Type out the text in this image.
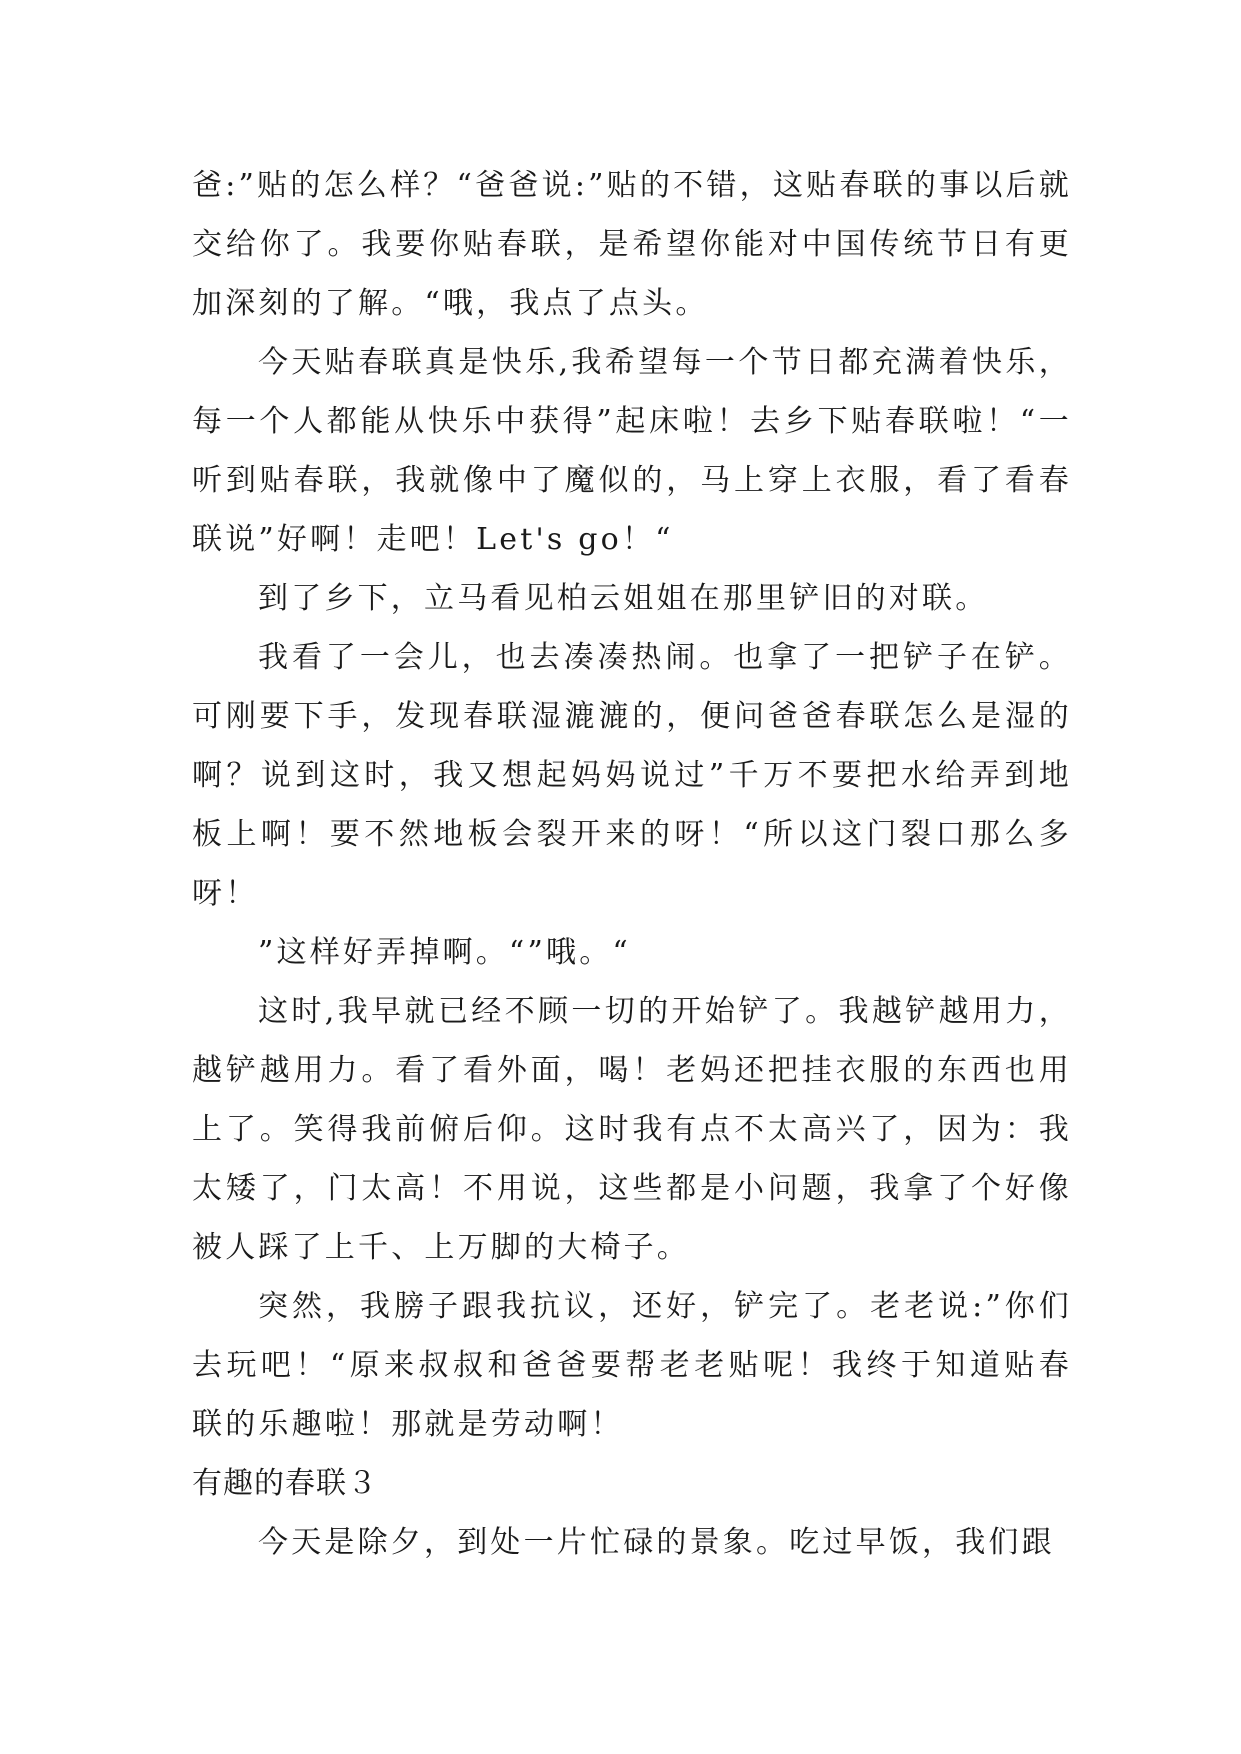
爸:”贴的怎么样？“爸爸说:”贴的不错，这贴春联的事以后就交给你了。我要你贴春联，是希望你能对中国传统节日有更加深刻的了解。“哦，我点了点头。

今天贴春联真是快乐,我希望每一个节日都充满着快乐，每一个人都能从快乐中获得”起床啦！去乡下贴春联啦！“一听到贴春联，我就像中了魔似的，马上穿上衣服，看了看春联说”好啊！走吧！Let's go！“

到了乡下，立马看见柏云姐姐在那里铲旧的对联。

我看了一会儿，也去凑凑热闹。也拿了一把铲子在铲。可刚要下手，发现春联湿漉漉的，便问爸爸春联怎么是湿的啊？说到这时，我又想起妈妈说过”千万不要把水给弄到地板上啊！要不然地板会裂开来的呀！“所以这门裂口那么多呀！

”这样好弄掉啊。“”哦。“

这时,我早就已经不顾一切的开始铲了。我越铲越用力，越铲越用力。看了看外面，喝！老妈还把挂衣服的东西也用上了。笑得我前俯后仰。这时我有点不太高兴了，因为：我太矮了，门太高！不用说，这些都是小问题，我拿了个好像被人踩了上千、上万脚的大椅子。

突然，我膀子跟我抗议，还好，铲完了。老老说:”你们去玩吧！“原来叔叔和爸爸要帮老老贴呢！我终于知道贴春联的乐趣啦！那就是劳动啊！

有趣的春联３

今天是除夕，到处一片忙碌的景象。吃过早饭，我们跟
